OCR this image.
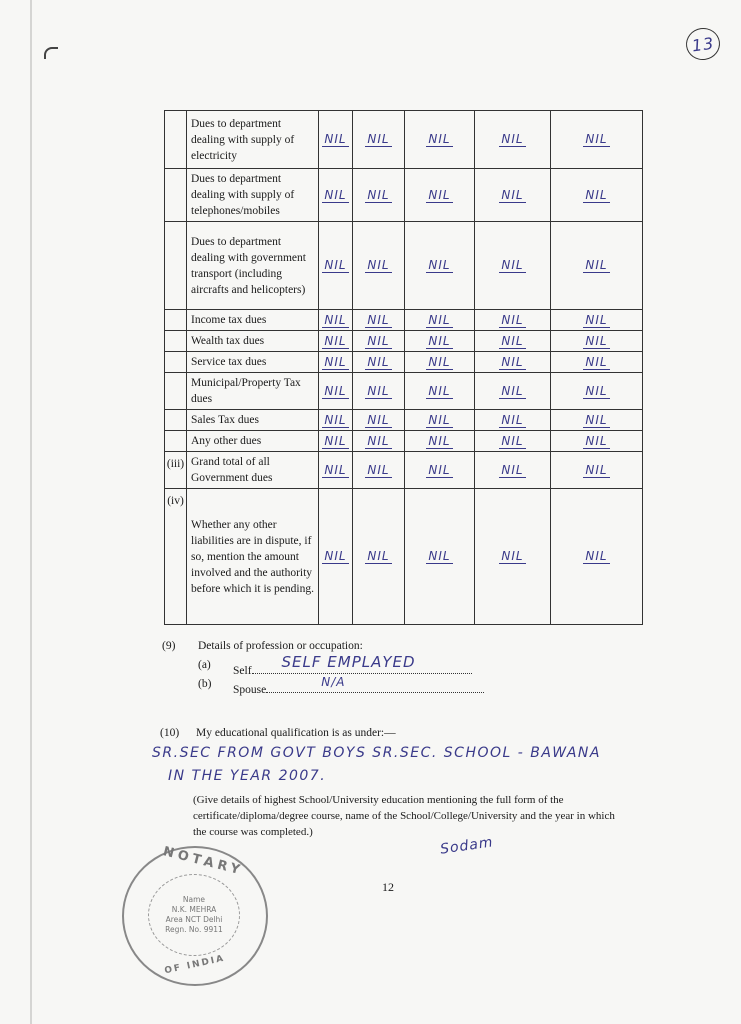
13
	Dues to department dealing with supply of electricity	NIL	NIL	NIL	NIL	NIL
	Dues to department dealing with supply of telephones/mobiles	NIL	NIL	NIL	NIL	NIL
	Dues to department dealing with government transport (including aircrafts and helicopters)	NIL	NIL	NIL	NIL	NIL
	Income tax dues	NIL	NIL	NIL	NIL	NIL
	Wealth tax dues	NIL	NIL	NIL	NIL	NIL
	Service tax dues	NIL	NIL	NIL	NIL	NIL
	Municipal/Property Tax dues	NIL	NIL	NIL	NIL	NIL
	Sales Tax dues	NIL	NIL	NIL	NIL	NIL
	Any other dues	NIL	NIL	NIL	NIL	NIL
(iii)	Grand total of all Government dues	NIL	NIL	NIL	NIL	NIL
(iv)	Whether any other liabilities are in dispute, if so, mention the amount involved and the authority before which it is pending.	NIL	NIL	NIL	NIL	NIL
(9) Details of profession or occupation:
(a) Self SELF EMPLAYED
(b) Spouse
N/A
(10) My educational qualification is as under:—
SR.SEC FROM GOVT BOYS SR.SEC. SCHOOL - BAWANA
IN THE YEAR 2007.
(Give details of highest School/University education mentioning the full form of the certificate/diploma/degree course, name of the School/College/University and the year in which the course was completed.)
Sodam
12
NOTARY
Name
N.K. MEHRA
Area NCT Delhi
Regn. No. 9911
OF INDIA
